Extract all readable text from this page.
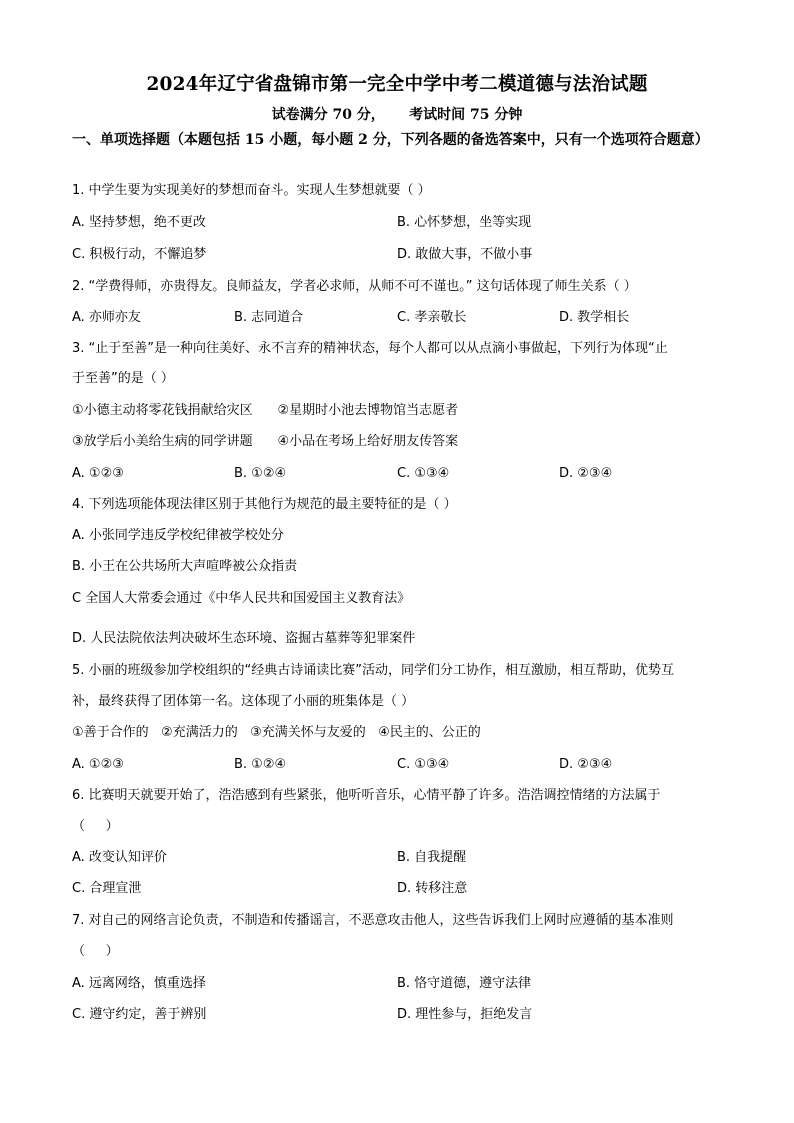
2024年辽宁省盘锦市第一完全中学中考二模道德与法治试题
试卷满分 70 分，     考试时间 75 分钟
一、单项选择题（本题包括 15 小题，每小题 2 分，下列各题的备选答案中，只有一个选项符合题意）
1. 中学生要为实现美好的梦想而奋斗。实现人生梦想就要（ ）
A. 坚持梦想，绝不更改	B. 心怀梦想，坐等实现
C. 积极行动，不懈追梦	D. 敢做大事，不做小事
2. “学费得师，亦贵得友。良师益友，学者必求师，从师不可不谨也。” 这句话体现了师生关系（ ）
A. 亦师亦友	B. 志同道合	C. 孝亲敬长	D. 教学相长
3. “止于至善”是一种向往美好、永不言弃的精神状态，每个人都可以从点滴小事做起，下列行为体现“止
于至善”的是（ ）
①小德主动将零花钱捐献给灾区      ②星期时小池去博物馆当志愿者
③放学后小美给生病的同学讲题      ④小品在考场上给好朋友传答案
A. ①②③	B. ①②④	C. ①③④	D. ②③④
4. 下列选项能体现法律区别于其他行为规范的最主要特征的是（ ）
A. 小张同学违反学校纪律被学校处分
B. 小王在公共场所大声喧哗被公众指责
C 全国人大常委会通过《中华人民共和国爱国主义教育法》
D. 人民法院依法判决破坏生态环境、盗掘古墓葬等犯罪案件
5. 小丽的班级参加学校组织的“经典古诗诵读比赛”活动，同学们分工协作，相互激励，相互帮助，优势互
补，最终获得了团体第一名。这体现了小丽的班集体是（ ）
①善于合作的   ②充满活力的   ③充满关怀与友爱的   ④民主的、公正的
A. ①②③	B. ①②④	C. ①③④	D. ②③④
6. 比赛明天就要开始了，浩浩感到有些紧张，他听听音乐，心情平静了许多。浩浩调控情绪的方法属于
（     ）
A. 改变认知评价	B. 自我提醒
C. 合理宣泄	D. 转移注意
7. 对自己的网络言论负责，不制造和传播谣言，不恶意攻击他人，这些告诉我们上网时应遵循的基本准则
（     ）
A. 远离网络，慎重选择	B. 恪守道德，遵守法律
C. 遵守约定，善于辨别	D. 理性参与，拒绝发言
